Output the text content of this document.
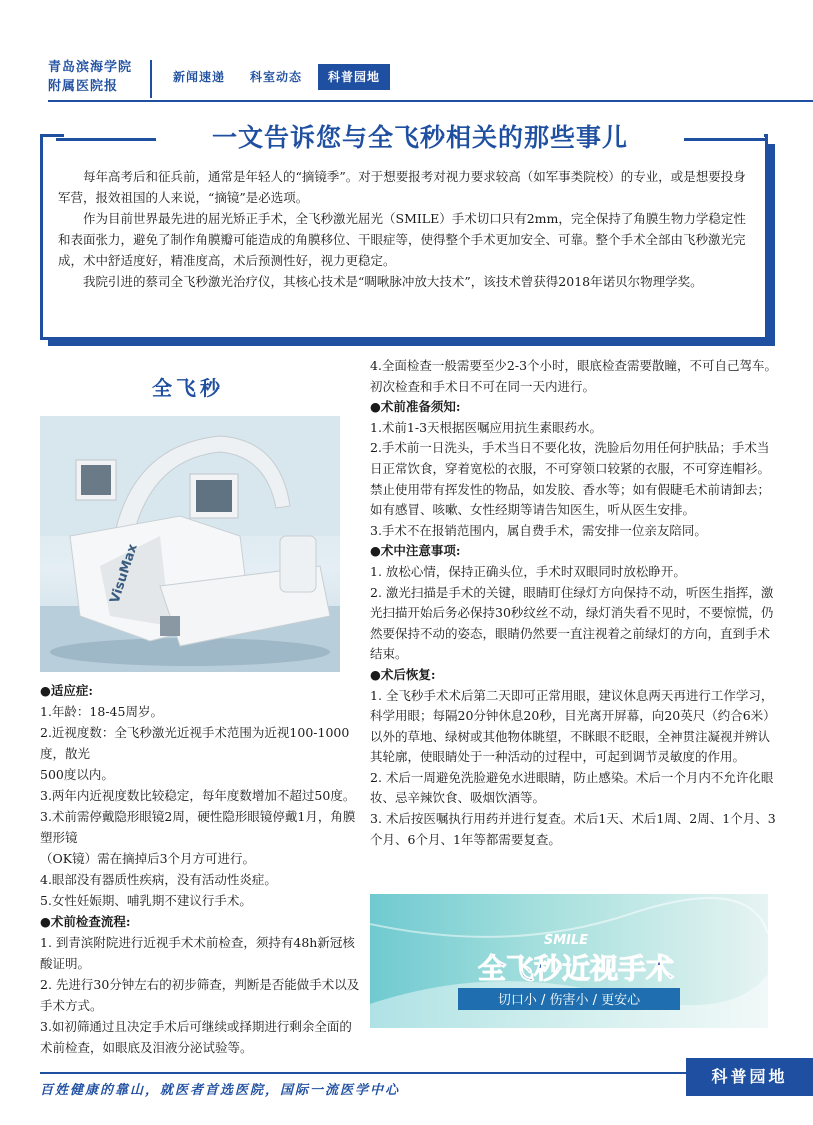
青岛滨海学院
附属医院报
新闻速递	科室动态	科普园地
一文告诉您与全飞秒相关的那些事儿

每年高考后和征兵前，通常是年轻人的“摘镜季”。对于想要报考对视力要求较高（如军事类院校）的专业，或是想要投身军营，报效祖国的人来说，“摘镜”是必选项。

作为目前世界最先进的屈光矫正手术，全飞秒激光屈光（SMILE）手术切口只有2mm，完全保持了角膜生物力学稳定性和表面张力，避免了制作角膜瓣可能造成的角膜移位、干眼症等，使得整个手术更加安全、可靠。整个手术全部由飞秒激光完成，术中舒适度好，精准度高，术后预测性好，视力更稳定。

我院引进的蔡司全飞秒激光治疗仪，其核心技术是“啁啾脉冲放大技术”，该技术曾获得2018年诺贝尔物理学奖。

全飞秒
VisuMax

●适应症:

1.年龄：18-45周岁。

2.近视度数：全飞秒激光近视手术范围为近视100-1000度，散光

500度以内。

3.两年内近视度数比较稳定，每年度数增加不超过50度。

3.术前需停戴隐形眼镜2周，硬性隐形眼镜停戴1月，角膜塑形镜

（OK镜）需在摘掉后3个月方可进行。

4.眼部没有器质性疾病，没有活动性炎症。

5.女性妊娠期、哺乳期不建议行手术。

●术前检查流程:

1. 到青滨附院进行近视手术术前检查，须持有48h新冠核酸证明。

2. 先进行30分钟左右的初步筛查，判断是否能做手术以及手术方式。

3.如初筛通过且决定手术后可继续或择期进行剩余全面的术前检查，如眼底及泪液分泌试验等。

4.全面检查一般需要至少2-3个小时，眼底检查需要散瞳，不可自己驾车。初次检查和手术日不可在同一天内进行。

●术前准备须知:

1.术前1-3天根据医嘱应用抗生素眼药水。

2.手术前一日洗头，手术当日不要化妆，洗脸后勿用任何护肤品；手术当日正常饮食，穿着宽松的衣服，不可穿领口较紧的衣服，不可穿连帽衫。禁止使用带有挥发性的物品，如发胶、香水等；如有假睫毛术前请卸去；如有感冒、咳嗽、女性经期等请告知医生，听从医生安排。

3.手术不在报销范围内，属自费手术，需安排一位亲友陪同。

●术中注意事项:

1. 放松心情，保持正确头位，手术时双眼同时放松睁开。

2. 激光扫描是手术的关键，眼睛盯住绿灯方向保持不动，听医生指挥，激光扫描开始后务必保持30秒纹丝不动，绿灯消失看不见时，不要惊慌，仍然要保持不动的姿态，眼睛仍然要一直注视着之前绿灯的方向，直到手术结束。

●术后恢复:

1. 全飞秒手术术后第二天即可正常用眼，建议休息两天再进行工作学习，科学用眼；每隔20分钟休息20秒，目光离开屏幕，向20英尺（约合6米）以外的草地、绿树或其他物体眺望，不眯眼不眨眼，全神贯注凝视并辨认其轮廓，使眼睛处于一种活动的过程中，可起到调节灵敏度的作用。

2. 术后一周避免洗脸避免水进眼睛，防止感染。术后一个月内不允许化眼妆、忌辛辣饮食、吸烟饮酒等。

3. 术后按医嘱执行用药并进行复查。术后1天、术后1周、2周、1个月、3个月、6个月、1年等都需要复查。

SMILE
全飞秒近视手术
切口小 / 伤害小 / 更安心
科普园地
百姓健康的靠山，就医者首选医院，国际一流医学中心
